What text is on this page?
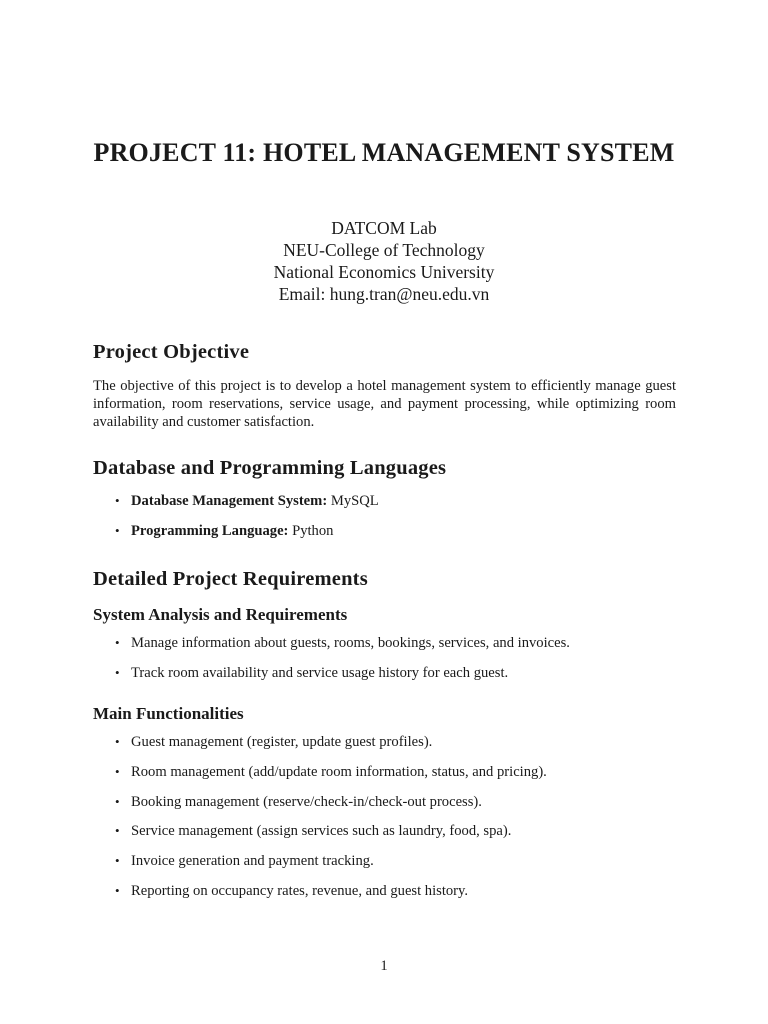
PROJECT 11: HOTEL MANAGEMENT SYSTEM
DATCOM Lab
NEU-College of Technology
National Economics University
Email: hung.tran@neu.edu.vn
Project Objective
The objective of this project is to develop a hotel management system to efficiently manage guest information, room reservations, service usage, and payment processing, while optimizing room availability and customer satisfaction.
Database and Programming Languages
• Database Management System: MySQL
• Programming Language: Python
Detailed Project Requirements
System Analysis and Requirements
• Manage information about guests, rooms, bookings, services, and invoices.
• Track room availability and service usage history for each guest.
Main Functionalities
• Guest management (register, update guest profiles).
• Room management (add/update room information, status, and pricing).
• Booking management (reserve/check-in/check-out process).
• Service management (assign services such as laundry, food, spa).
• Invoice generation and payment tracking.
• Reporting on occupancy rates, revenue, and guest history.
1
